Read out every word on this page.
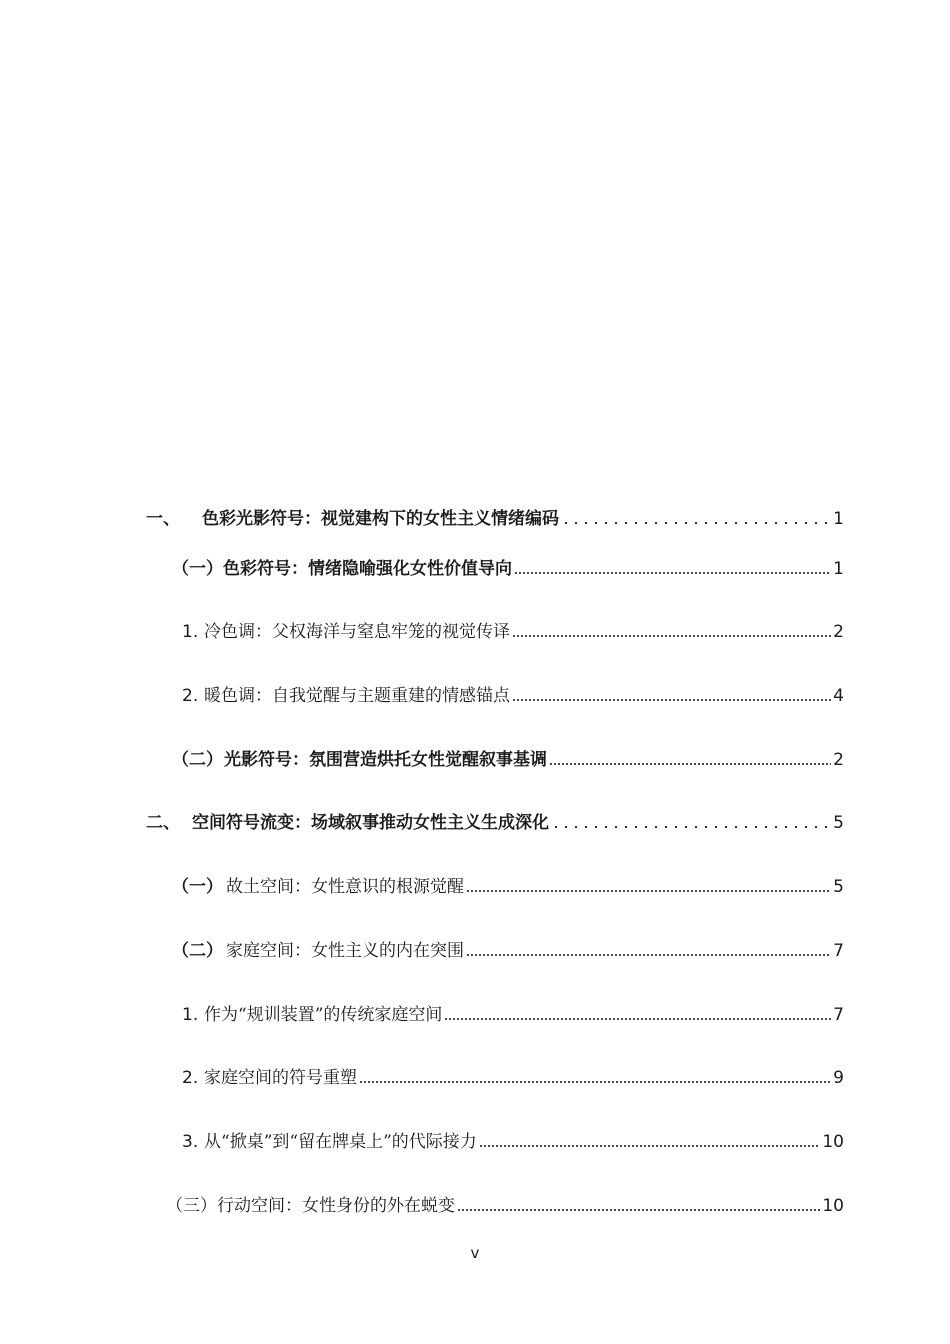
一、	色彩光影符号：视觉建构下的女性主义情绪编码	1
（一） 色彩符号：情绪隐喻强化女性价值导向	1
1. 冷色调：父权海洋与窒息牢笼的视觉传译	2
2. 暖色调：自我觉醒与主题重建的情感锚点	4
（二） 光影符号：氛围营造烘托女性觉醒叙事基调	2
二、 空间符号流变：场域叙事推动女性主义生成深化	5
（一） 故土空间：女性意识的根源觉醒	5
（二） 家庭空间：女性主义的内在突围	7
1. 作为“规训装置”的传统家庭空间	7
2. 家庭空间的符号重塑	9
3. 从“掀桌”到“留在牌桌上”的代际接力	10
（三） 行动空间：女性身份的外在蜕变	10
v
